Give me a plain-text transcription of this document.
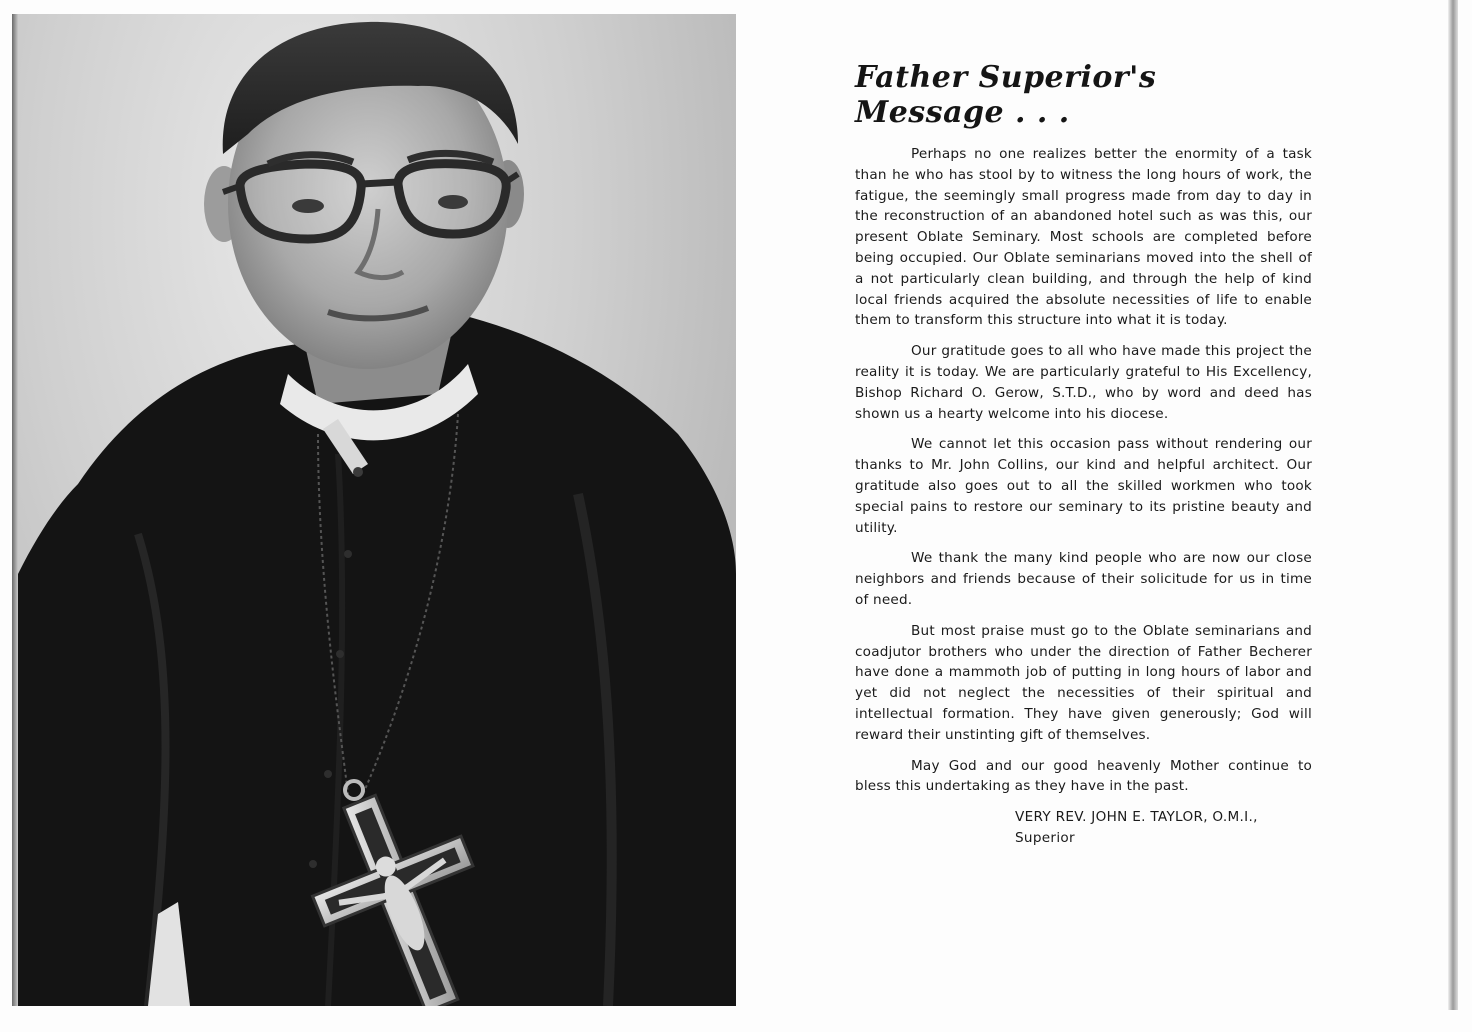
Father Superior's Message . . .

Perhaps no one realizes better the enormity of a task than he who has stool by to witness the long hours of work, the fatigue, the seemingly small progress made from day to day in the reconstruction of an abandoned hotel such as was this, our present Oblate Seminary. Most schools are completed before being occupied. Our Oblate seminarians moved into the shell of a not particularly clean building, and through the help of kind local friends acquired the absolute necessities of life to enable them to transform this structure into what it is today.

Our gratitude goes to all who have made this project the reality it is today. We are particularly grateful to His Excellency, Bishop Richard O. Gerow, S.T.D., who by word and deed has shown us a hearty welcome into his diocese.

We cannot let this occasion pass without rendering our thanks to Mr. John Collins, our kind and helpful architect. Our gratitude also goes out to all the skilled workmen who took special pains to restore our seminary to its pristine beauty and utility.

We thank the many kind people who are now our close neighbors and friends because of their solicitude for us in time of need.

But most praise must go to the Oblate seminarians and coadjutor brothers who under the direction of Father Becherer have done a mammoth job of putting in long hours of labor and yet did not neglect the necessities of their spiritual and intellectual formation. They have given generously; God will reward their unstinting gift of themselves.

May God and our good heavenly Mother continue to bless this undertaking as they have in the past.

VERY REV. JOHN E. TAYLOR, O.M.I.,
Superior
